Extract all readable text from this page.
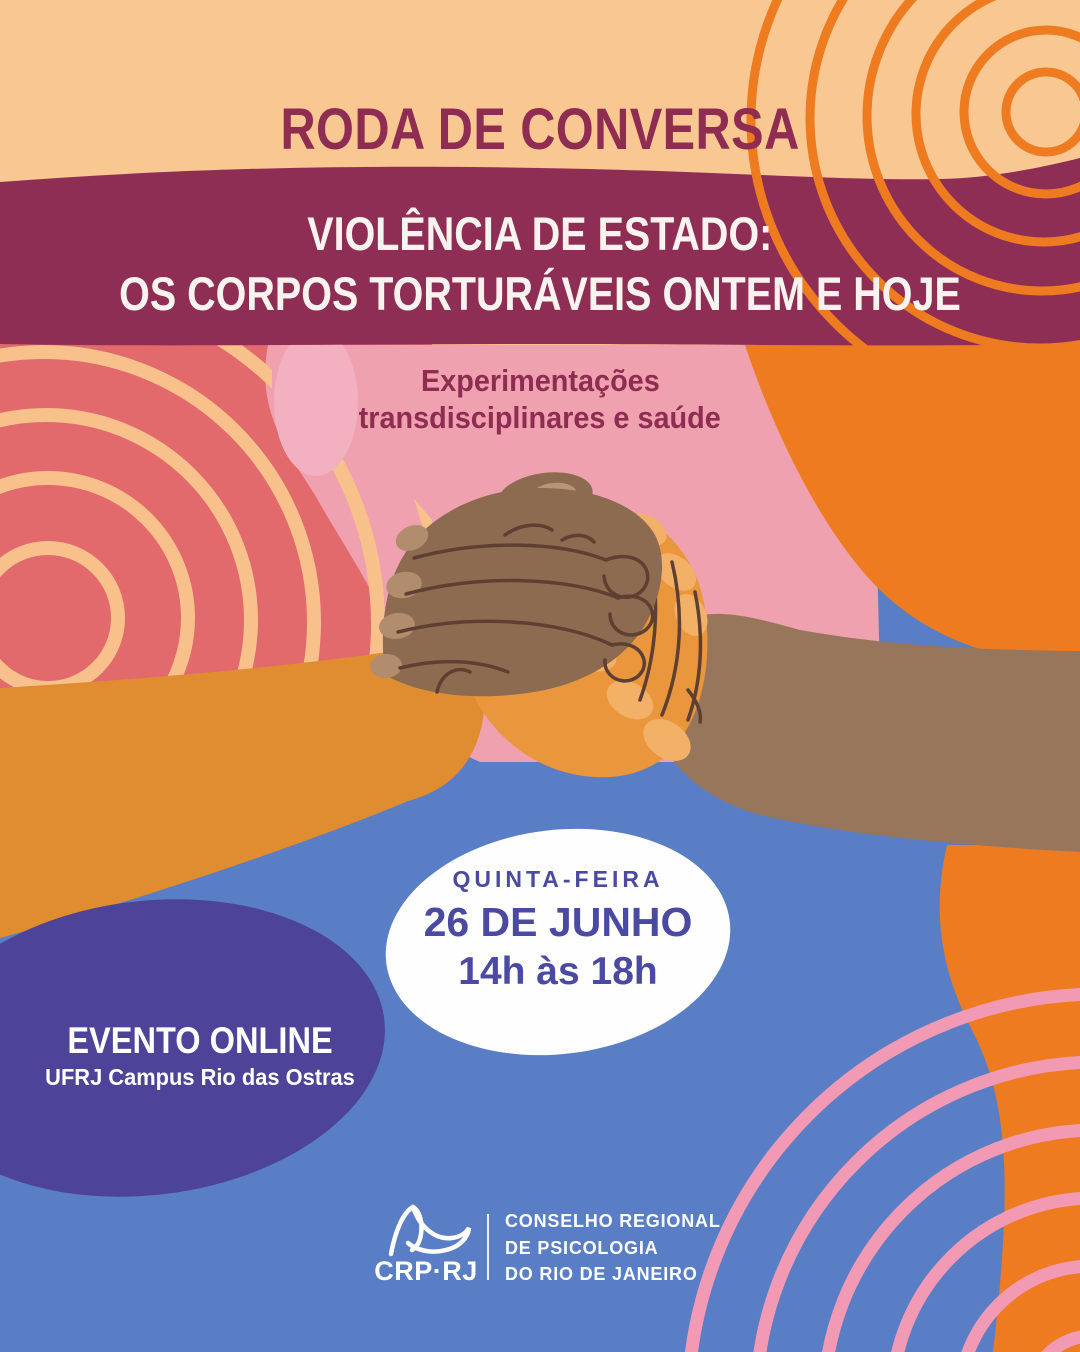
RODA DE CONVERSA

VIOLÊNCIA DE ESTADO:

OS CORPOS TORTURÁVEIS ONTEM E HOJE

Experimentações
transdisciplinares e saúde

QUINTA-FEIRA

26 DE JUNHO

14h às 18h

EVENTO ONLINE

UFRJ Campus Rio das Ostras

CRP·RJ
CONSELHO REGIONAL
DE PSICOLOGIA
DO RIO DE JANEIRO
